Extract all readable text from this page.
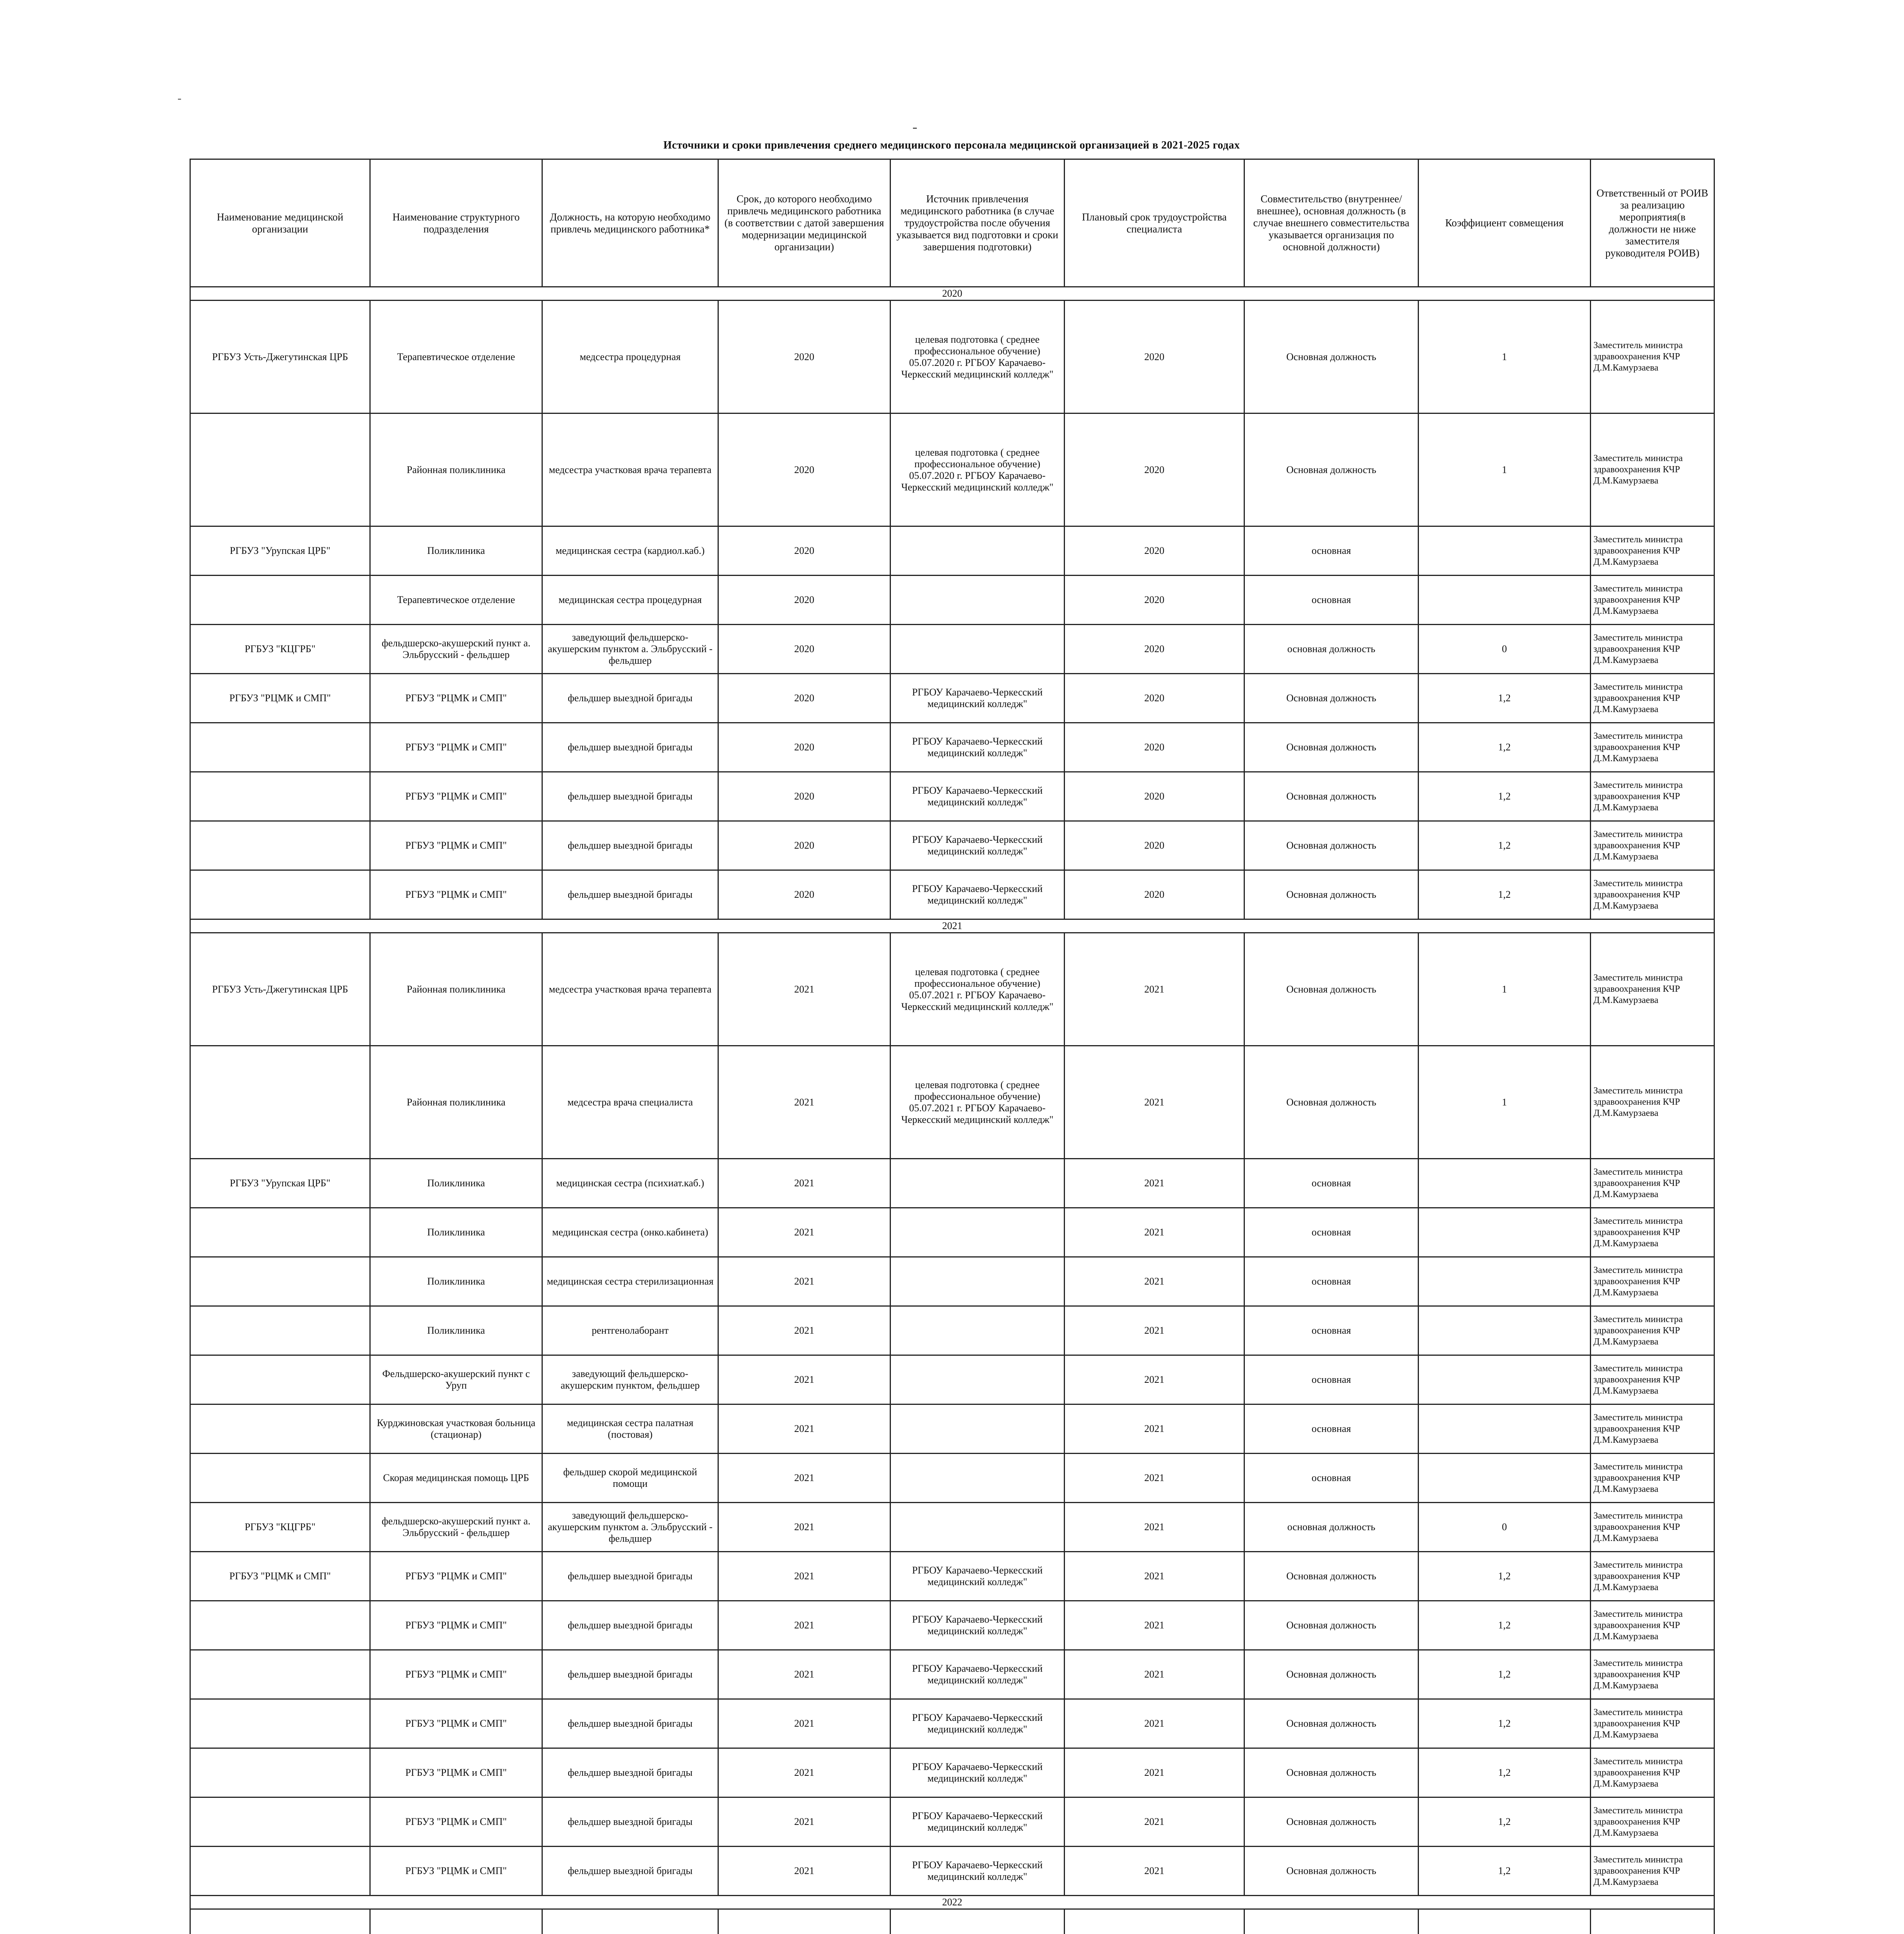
Источники и сроки привлечения среднего медицинского персонала медицинской организацией в 2021-2025 годах
Наименование медицинской организации	Наименование структурного подразделения	Должность, на которую необходимо привлечь медицинского работника*	Срок, до которого необходимо привлечь медицинского работника (в соответствии с датой завершения модернизации медицинской организации)	Источник привлечения медицинского работника (в случае трудоустройства после обучения указывается вид подготовки и сроки завершения подготовки)	Плановый срок трудоустройства специалиста	Совместительство (внутреннее/внешнее), основная должность (в случае внешнего совместительства указывается организация по основной должности)	Коэффициент совмещения	Ответственный от РОИВ за реализацию мероприятия(в должности не ниже заместителя руководителя РОИВ)
2020								
РГБУЗ Усть-Джегутинская ЦРБ	Терапевтическое отделение	медсестра процедурная	2020	целевая подготовка ( среднее профессиональное обучение) 05.07.2020 г. РГБОУ Карачаево-Черкесский медицинский колледж"	2020	Основная должность	1	Заместитель министра здравоохранения КЧР Д.М.Камурзаева
	Районная поликлиника	медсестра участковая врача терапевта	2020	целевая подготовка ( среднее профессиональное обучение) 05.07.2020 г. РГБОУ Карачаево-Черкесский медицинский колледж"	2020	Основная должность	1	Заместитель министра здравоохранения КЧР Д.М.Камурзаева
РГБУЗ "Урупская ЦРБ"	Поликлиника	медицинская сестра (кардиол.каб.)	2020		2020	основная		Заместитель министра здравоохранения КЧР Д.М.Камурзаева
	Терапевтическое отделение	медицинская сестра процедурная	2020		2020	основная		Заместитель министра здравоохранения КЧР Д.М.Камурзаева
РГБУЗ "КЦГРБ"	фельдшерско-акушерский пункт а. Эльбрусский - фельдшер	заведующий фельдшерско-акушерским пунктом а. Эльбрусский - фельдшер	2020		2020	основная должность	0	Заместитель министра здравоохранения КЧР Д.М.Камурзаева
РГБУЗ "РЦМК и СМП"	РГБУЗ "РЦМК и СМП"	фельдшер выездной бригады	2020	РГБОУ Карачаево-Черкесский медицинский колледж"	2020	Основная должность	1,2	Заместитель министра здравоохранения КЧР Д.М.Камурзаева
	РГБУЗ "РЦМК и СМП"	фельдшер выездной бригады	2020	РГБОУ Карачаево-Черкесский медицинский колледж"	2020	Основная должность	1,2	Заместитель министра здравоохранения КЧР Д.М.Камурзаева
	РГБУЗ "РЦМК и СМП"	фельдшер выездной бригады	2020	РГБОУ Карачаево-Черкесский медицинский колледж"	2020	Основная должность	1,2	Заместитель министра здравоохранения КЧР Д.М.Камурзаева
	РГБУЗ "РЦМК и СМП"	фельдшер выездной бригады	2020	РГБОУ Карачаево-Черкесский медицинский колледж"	2020	Основная должность	1,2	Заместитель министра здравоохранения КЧР Д.М.Камурзаева
	РГБУЗ "РЦМК и СМП"	фельдшер выездной бригады	2020	РГБОУ Карачаево-Черкесский медицинский колледж"	2020	Основная должность	1,2	Заместитель министра здравоохранения КЧР Д.М.Камурзаева
2021								
РГБУЗ Усть-Джегутинская ЦРБ	Районная поликлиника	медсестра участковая врача терапевта	2021	целевая подготовка ( среднее профессиональное обучение) 05.07.2021 г. РГБОУ Карачаево-Черкесский медицинский колледж"	2021	Основная должность	1	Заместитель министра здравоохранения КЧР Д.М.Камурзаева
	Районная поликлиника	медсестра врача специалиста	2021	целевая подготовка ( среднее профессиональное обучение) 05.07.2021 г. РГБОУ Карачаево-Черкесский медицинский колледж"	2021	Основная должность	1	Заместитель министра здравоохранения КЧР Д.М.Камурзаева
РГБУЗ "Урупская ЦРБ"	Поликлиника	медицинская сестра (психиат.каб.)	2021		2021	основная		Заместитель министра здравоохранения КЧР Д.М.Камурзаева
	Поликлиника	медицинская сестра (онко.кабинета)	2021		2021	основная		Заместитель министра здравоохранения КЧР Д.М.Камурзаева
	Поликлиника	медицинская сестра стерилизационная	2021		2021	основная		Заместитель министра здравоохранения КЧР Д.М.Камурзаева
	Поликлиника	рентгенолаборант	2021		2021	основная		Заместитель министра здравоохранения КЧР Д.М.Камурзаева
	Фельдшерско-акушерский пункт с Уруп	заведующий фельдшерско-акушерским пунктом, фельдшер	2021		2021	основная		Заместитель министра здравоохранения КЧР Д.М.Камурзаева
	Курджиновская участковая больница (стационар)	медицинская сестра палатная (постовая)	2021		2021	основная		Заместитель министра здравоохранения КЧР Д.М.Камурзаева
	Скорая медицинская помощь ЦРБ	фельдшер скорой медицинской помощи	2021		2021	основная		Заместитель министра здравоохранения КЧР Д.М.Камурзаева
РГБУЗ "КЦГРБ"	фельдшерско-акушерский пункт а. Эльбрусский - фельдшер	заведующий фельдшерско-акушерским пунктом а. Эльбрусский - фельдшер	2021		2021	основная должность	0	Заместитель министра здравоохранения КЧР Д.М.Камурзаева
РГБУЗ "РЦМК и СМП"	РГБУЗ "РЦМК и СМП"	фельдшер выездной бригады	2021	РГБОУ Карачаево-Черкесский медицинский колледж"	2021	Основная должность	1,2	Заместитель министра здравоохранения КЧР Д.М.Камурзаева
	РГБУЗ "РЦМК и СМП"	фельдшер выездной бригады	2021	РГБОУ Карачаево-Черкесский медицинский колледж"	2021	Основная должность	1,2	Заместитель министра здравоохранения КЧР Д.М.Камурзаева
	РГБУЗ "РЦМК и СМП"	фельдшер выездной бригады	2021	РГБОУ Карачаево-Черкесский медицинский колледж"	2021	Основная должность	1,2	Заместитель министра здравоохранения КЧР Д.М.Камурзаева
	РГБУЗ "РЦМК и СМП"	фельдшер выездной бригады	2021	РГБОУ Карачаево-Черкесский медицинский колледж"	2021	Основная должность	1,2	Заместитель министра здравоохранения КЧР Д.М.Камурзаева
	РГБУЗ "РЦМК и СМП"	фельдшер выездной бригады	2021	РГБОУ Карачаево-Черкесский медицинский колледж"	2021	Основная должность	1,2	Заместитель министра здравоохранения КЧР Д.М.Камурзаева
	РГБУЗ "РЦМК и СМП"	фельдшер выездной бригады	2021	РГБОУ Карачаево-Черкесский медицинский колледж"	2021	Основная должность	1,2	Заместитель министра здравоохранения КЧР Д.М.Камурзаева
	РГБУЗ "РЦМК и СМП"	фельдшер выездной бригады	2021	РГБОУ Карачаево-Черкесский медицинский колледж"	2021	Основная должность	1,2	Заместитель министра здравоохранения КЧР Д.М.Камурзаева
2022								
